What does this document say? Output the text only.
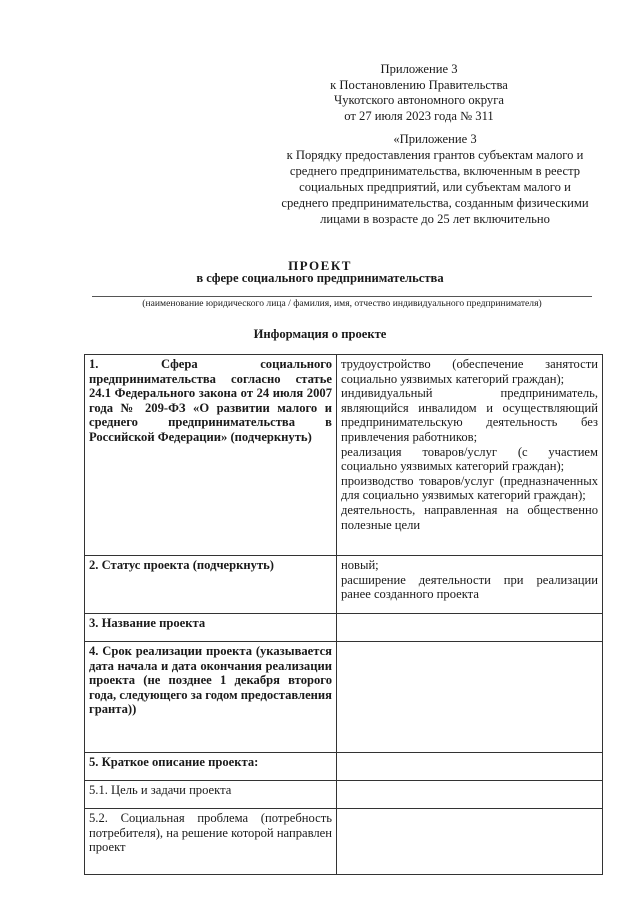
Приложение 3
к Постановлению Правительства
Чукотского автономного округа
от 27 июля 2023 года № 311
«Приложение 3
к Порядку предоставления грантов субъектам малого и
среднего предпринимательства, включенным в реестр
социальных предприятий, или субъектам малого и
среднего предпринимательства, созданным физическими
лицами в возрасте до 25 лет включительно
ПРОЕКТ
в сфере социального предпринимательства
(наименование юридического лица / фамилия, имя, отчество индивидуального предпринимателя)
Информация о проекте
1. Сфера социального предпринимательства согласно статье 24.1 Федерального закона от 24 июля 2007 года № 209-ФЗ «О развитии малого и среднего предпринимательства в Российской Федерации» (подчеркнуть)	трудоустройство (обеспечение занятости социально уязвимых категорий граждан);
индивидуальный предприниматель, являющийся инвалидом и осуществляющий предпринимательскую деятельность без привлечения работников;
реализация товаров/услуг (с участием социально уязвимых категорий граждан);
производство товаров/услуг (предназначенных для социально уязвимых категорий граждан);
деятельность, направленная на общественно полезные цели

2. Статус проекта (подчеркнуть)	новый;
расширение деятельности при реализации ранее созданного проекта

3. Название проекта	
4. Срок реализации проекта (указывается дата начала и дата окончания реализации проекта (не позднее 1 декабря второго года, следующего за годом предоставления гранта))	
5. Краткое описание проекта:	
5.1. Цель и задачи проекта	
5.2. Социальная проблема (потребность потребителя), на решение которой направлен проект	
